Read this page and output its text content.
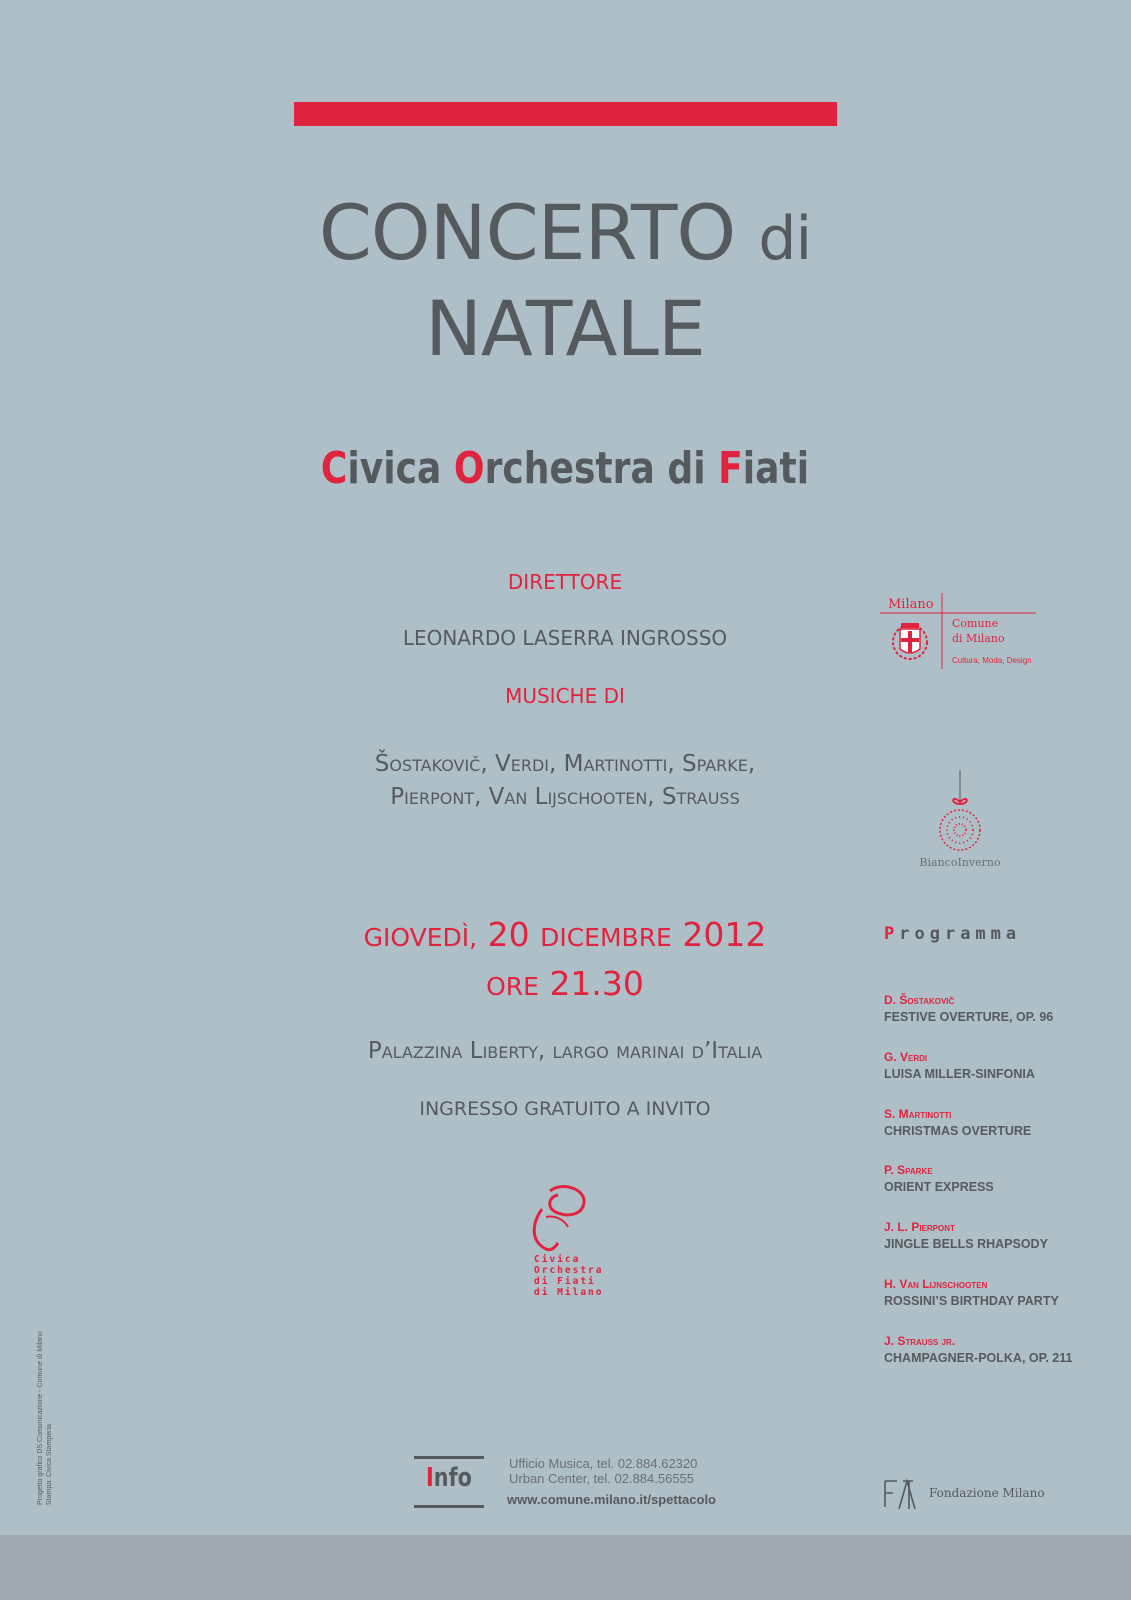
CONCERTO di
NATALE
Civica Orchestra di Fiati
DIRETTORE
LEONARDO LASERRA INGROSSO
MUSICHE DI
Šostakovič, Verdi, Martinotti, Sparke,
Pierpont, Van Lijschooten, Strauss
GIOVEDÌ, 20 DICEMBRE 2012
ORE 21.30
Palazzina Liberty, largo marinai d’Italia
INGRESSO GRATUITO A INVITO
Civica
Orchestra
di Fiati
di Milano
Milano
Comune
di Milano
Cultura, Moda, Design
BiancoInverno
Programma
D. Šostakovič
FESTIVE OVERTURE, OP. 96
G. Verdi
LUISA MILLER-SINFONIA
S. Martinotti
CHRISTMAS OVERTURE
P. Sparke
ORIENT EXPRESS
J. L. Pierpont
JINGLE BELLS RHAPSODY
H. Van Lijnschooten
ROSSINI’S BIRTHDAY PARTY
J. Strauss jr.
CHAMPAGNER-POLKA, OP. 211
Info	Ufficio Musica, tel. 02.884.62320
Urban Center, tel. 02.884.56555
www.comune.milano.it/spettacolo	Fondazione Milano
Progetto grafico DS Comunicazione - Comune di Milano Stampa: Civica Stamperia
